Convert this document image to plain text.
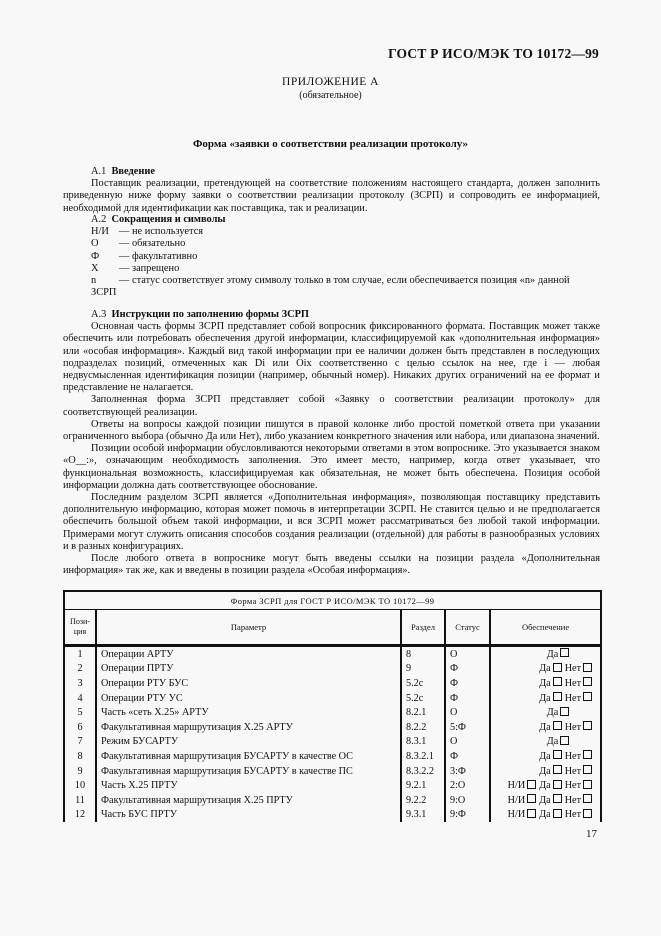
ГОСТ Р ИСО/МЭК ТО 10172—99
ПРИЛОЖЕНИЕ А
(обязательное)
Форма «заявки о соответствии реализации протоколу»

А.1 Введение

Поставщик реализации, претендующей на соответствие положениям настоящего стандарта, должен заполнить приведенную ниже форму заявки о соответствии реализации протоколу (ЗСРП) и сопроводить ее информацией, необходимой для идентификации как поставщика, так и реализации.

А.2 Сокращения и символы

Н/И — не используется
О	— обязательно
Ф	— факультативно
Х	— запрещено
n	— статус соответствует этому символу только в том случае, если обеспечивается позиция «n» данной
ЗСРП

А.3 Инструкции по заполнению формы ЗСРП

Основная часть формы ЗСРП представляет собой вопросник фиксированного формата. Поставщик может также обеспечить или потребовать обеспечения другой информации, классифицируемой как «дополнительная информация» или «особая информация». Каждый вид такой информации при ее наличии должен быть представлен в последующих подразделах позиций, отмеченных как Di или Oix соответственно с целью ссылок на нее, где i — любая недвусмысленная идентификация позиции (например, обычный номер). Никаких других ограничений на ее формат и представление не налагается.

Заполненная форма ЗСРП представляет собой «Заявку о соответствии реализации протоколу» для соответствующей реализации.

Ответы на вопросы каждой позиции пишутся в правой колонке либо простой пометкой ответа при указании ограниченного выбора (обычно Да или Нет), либо указанием конкретного значения или набора, или диапазона значений.

Позиции особой информации обусловливаются некоторыми ответами в этом вопроснике. Это указывается знаком «O__:», означающим необходимость заполнения. Это имеет место, например, когда ответ указывает, что функциональная возможность, классифицируемая как обязательная, не может быть обеспечена. Позиция особой информации должна дать соответствующее обоснование.

Последним разделом ЗСРП является «Дополнительная информация», позволяющая поставщику представить дополнительную информацию, которая может помочь в интерпретации ЗСРП. Не ставится целью и не предполагается обеспечить большой объем такой информации, и вся ЗСРП может рассматриваться без любой такой информации. Примерами могут служить описания способов создания реализации (отдельной) для работы в разнообразных условиях и в разных конфигурациях.

После любого ответа в вопроснике могут быть введены ссылки на позиции раздела «Дополнительная информация» так же, как и введены в позиции раздела «Особая информация».

Форма ЗСРП для ГОСТ Р ИСО/МЭК ТО 10172—99				
Пози-ция	Параметр	Раздел	Статус	Обеспечение
1	Операции АРТУ	8	О	Да
2	Операции ПРТУ	9	Ф	Да Нет
3	Операции РТУ БУС	5.2с	Ф	Да Нет
4	Операции РТУ УС	5.2с	Ф	Да Нет
5	Часть «сеть Х.25» АРТУ	8.2.1	О	Да
6	Факультативная маршрутизация Х.25 АРТУ	8.2.2	5:Ф	Да Нет
7	Режим БУСАРТУ	8.3.1	О	Да
8	Факультативная маршрутизация БУСАРТУ в качестве ОС	8.3.2.1	Ф	Да Нет
9	Факультативная маршрутизация БУСАРТУ в качестве ПС	8.3.2.2	3:Ф	Да Нет
10	Часть Х.25 ПРТУ	9.2.1	2:О	Н/И Да Нет
11	Факультативная маршрутизация Х.25 ПРТУ	9.2.2	9:О	Н/И Да Нет
12	Часть БУС ПРТУ	9.3.1	9:Ф	Н/И Да Нет
17
